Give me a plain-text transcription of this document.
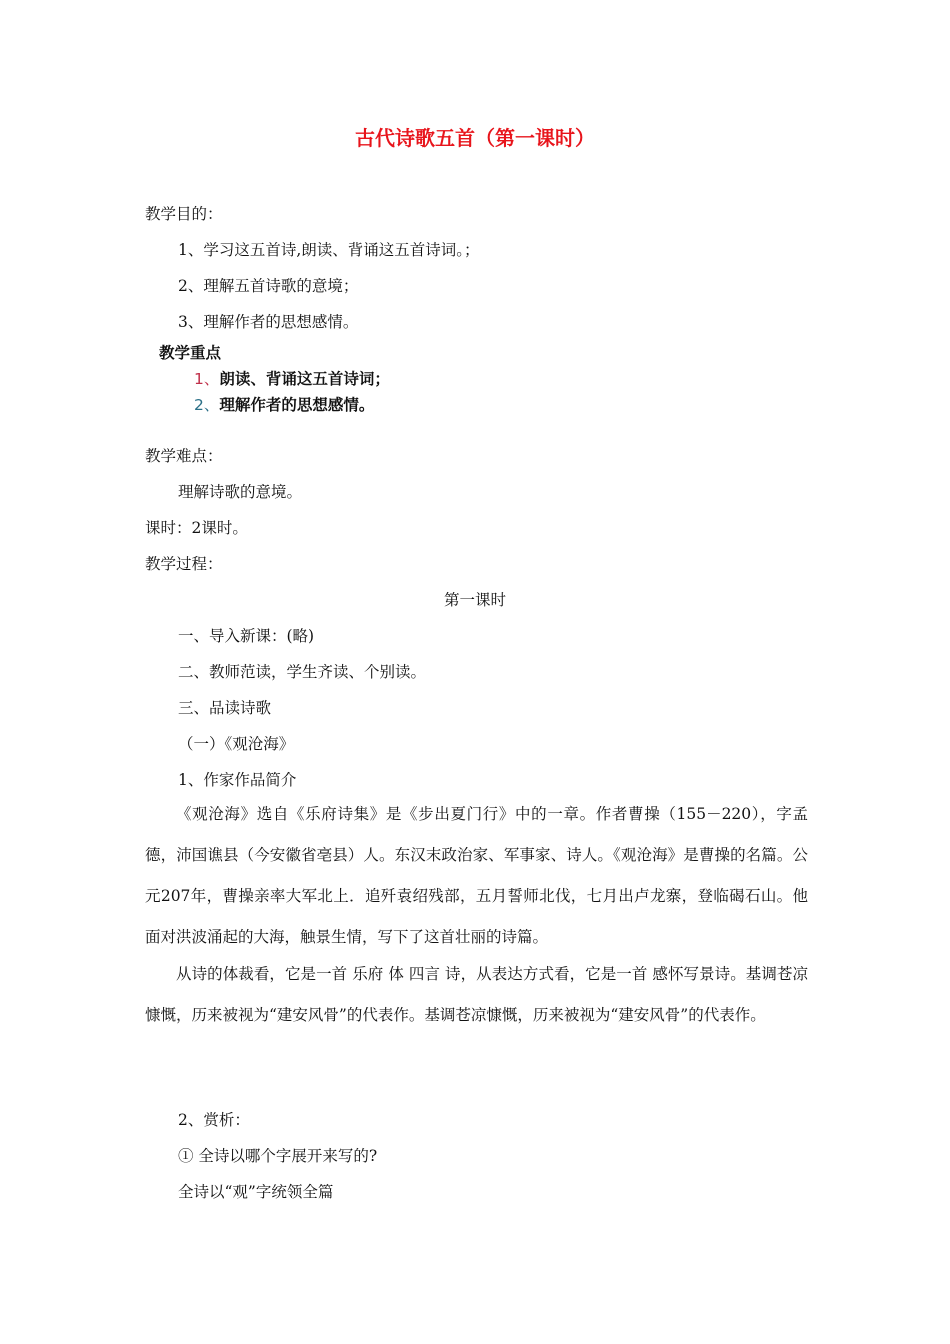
古代诗歌五首（第一课时）
教学目的：
1、学习这五首诗,朗读、背诵这五首诗词。；
2、理解五首诗歌的意境；
3、理解作者的思想感情。
教学重点
1、朗读、背诵这五首诗词；
2、理解作者的思想感情。
教学难点：
理解诗歌的意境。
课时：2课时。
教学过程：
第一课时
一、导入新课：(略)
二、教师范读，学生齐读、个别读。
三、品读诗歌
（一）《观沧海》
1、作家作品简介
《观沧海》选自《乐府诗集》是《步出夏门行》中的一章。作者曹操（155－220），字孟德，沛国谯县（今安徽省亳县）人。东汉末政治家、军事家、诗人。《观沧海》是曹操的名篇。公元207年，曹操亲率大军北上．追歼袁绍残部，五月誓师北伐，七月出卢龙寨，登临碣石山。他面对洪波涌起的大海，触景生情，写下了这首壮丽的诗篇。
从诗的体裁看，它是一首 乐府 体 四言 诗，从表达方式看，它是一首 感怀写景诗。基调苍凉慷慨，历来被视为“建安风骨”的代表作。基调苍凉慷慨，历来被视为“建安风骨”的代表作。
2、赏析：
① 全诗以哪个字展开来写的?
全诗以“观”字统领全篇
